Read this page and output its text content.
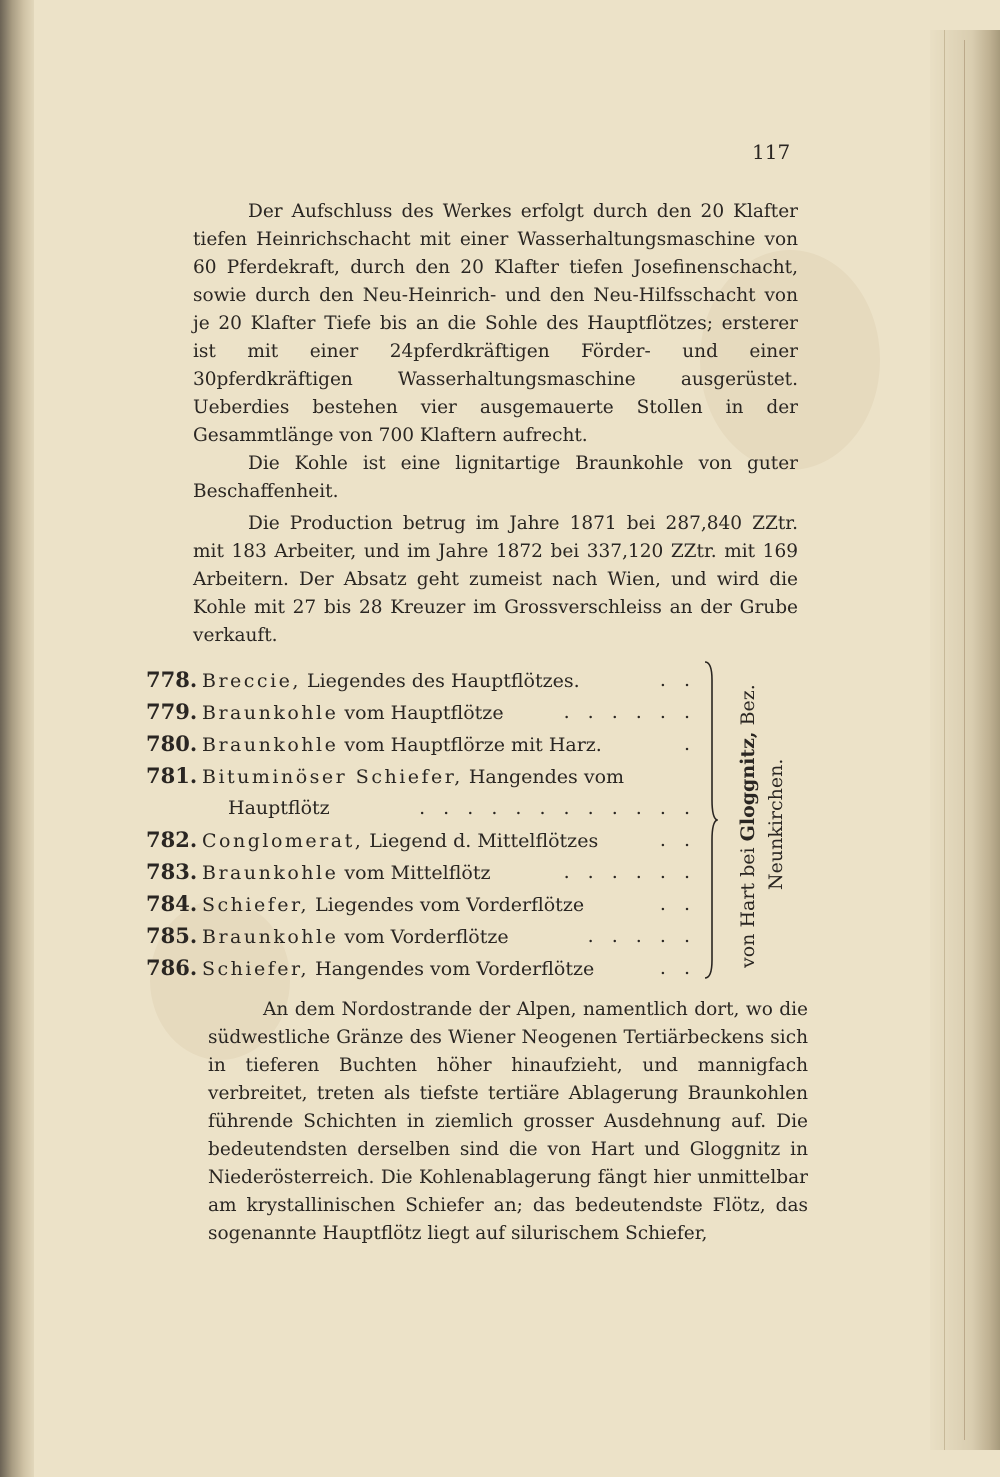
117
Der Aufschluss des Werkes erfolgt durch den 20 Klafter tiefen Heinrichschacht mit einer Wasserhaltungsmaschine von 60 Pferdekraft, durch den 20 Klafter tiefen Josefinenschacht, sowie durch den Neu-Heinrich- und den Neu-Hilfsschacht von je 20 Klafter Tiefe bis an die Sohle des Hauptflötzes; ersterer ist mit einer 24pferdkräftigen Förder- und einer 30pferdkräftigen Wasserhaltungsmaschine ausgerüstet. Ueberdies bestehen vier ausgemauerte Stollen in der Gesammtlänge von 700 Klaftern aufrecht.
Die Kohle ist eine lignitartige Braunkohle von guter Beschaffenheit.
Die Production betrug im Jahre 1871 bei 287,840 ZZtr. mit 183 Arbeiter, und im Jahre 1872 bei 337,120 ZZtr. mit 169 Arbeitern. Der Absatz geht zumeist nach Wien, und wird die Kohle mit 27 bis 28 Kreuzer im Grossverschleiss an der Grube verkauft.
778. Breccie, Liegendes des Hauptflötzes.	. .
779. Braunkohle vom Hauptflötze	. . . . . .
780. Braunkohle vom Hauptflörze mit Harz.	.
781. Bituminöser Schiefer, Hangendes vom
Hauptflötz	. . . . . . . . . . . .
782. Conglomerat, Liegend d. Mittelflötzes	. .
783. Braunkohle vom Mittelflötz	. . . . . .
784. Schiefer, Liegendes vom Vorderflötze	. .
785. Braunkohle vom Vorderflötze	. . . . .
786. Schiefer, Hangendes vom Vorderflötze	. . von Hart bei Gloggnitz, Bez.
Neunkirchen.
An dem Nordostrande der Alpen, namentlich dort, wo die südwestliche Gränze des Wiener Neogenen Tertiärbeckens sich in tieferen Buchten höher hinaufzieht, und mannigfach verbreitet, treten als tiefste tertiäre Ablagerung Braunkohlen führende Schichten in ziemlich grosser Ausdehnung auf. Die bedeutendsten derselben sind die von Hart und Gloggnitz in Niederösterreich. Die Kohlenablagerung fängt hier unmittelbar am krystallinischen Schiefer an; das bedeutendste Flötz, das sogenannte Hauptflötz liegt auf silurischem Schiefer,
